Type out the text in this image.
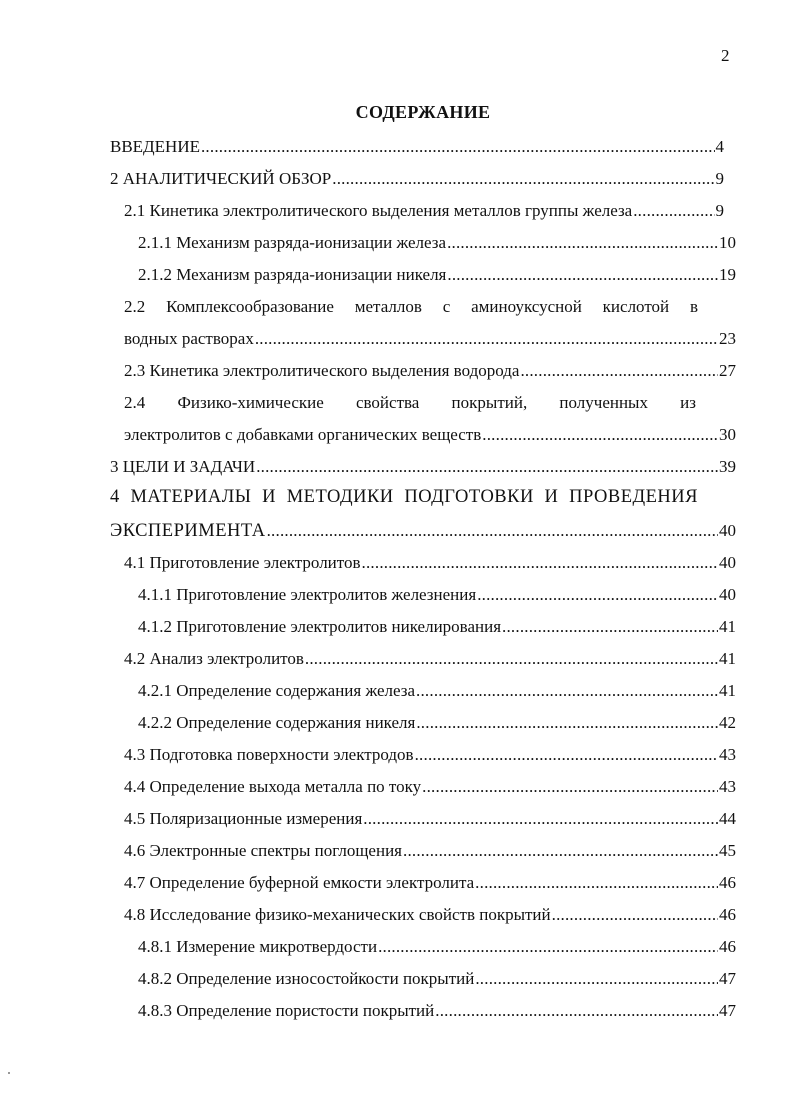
2
СОДЕРЖАНИЕ
ВВЕДЕНИЕ .....	4
2 АНАЛИТИЧЕСКИЙ ОБЗОР .....	9
2.1 Кинетика электролитического выделения металлов группы железа .....	9
2.1.1 Механизм разряда-ионизации железа .....	10
2.1.2 Механизм разряда-ионизации никеля .....	19
2.2 Комплексообразование металлов с аминоуксусной кислотой в
водных растворах .....	23
2.3 Кинетика электролитического выделения водорода .....	27
2.4 Физико-химические свойства покрытий, полученных из
электролитов с добавками органических веществ .....	30
3 ЦЕЛИ И ЗАДАЧИ .....	39
4 МАТЕРИАЛЫ И МЕТОДИКИ ПОДГОТОВКИ И ПРОВЕДЕНИЯ
ЭКСПЕРИМЕНТА .....	40
4.1 Приготовление электролитов .....	40
4.1.1 Приготовление электролитов железнения .....	40
4.1.2 Приготовление электролитов никелирования .....	41
4.2 Анализ электролитов .....	41
4.2.1 Определение содержания железа .....	41
4.2.2 Определение содержания никеля .....	42
4.3 Подготовка поверхности электродов .....	43
4.4 Определение выхода металла по току .....	43
4.5 Поляризационные измерения .....	44
4.6 Электронные спектры поглощения .....	45
4.7 Определение буферной емкости электролита .....	46
4.8 Исследование физико-механических свойств покрытий .....	46
4.8.1 Измерение микротвердости .....	46
4.8.2 Определение износостойкости покрытий .....	47
4.8.3 Определение пористости покрытий .....	47
